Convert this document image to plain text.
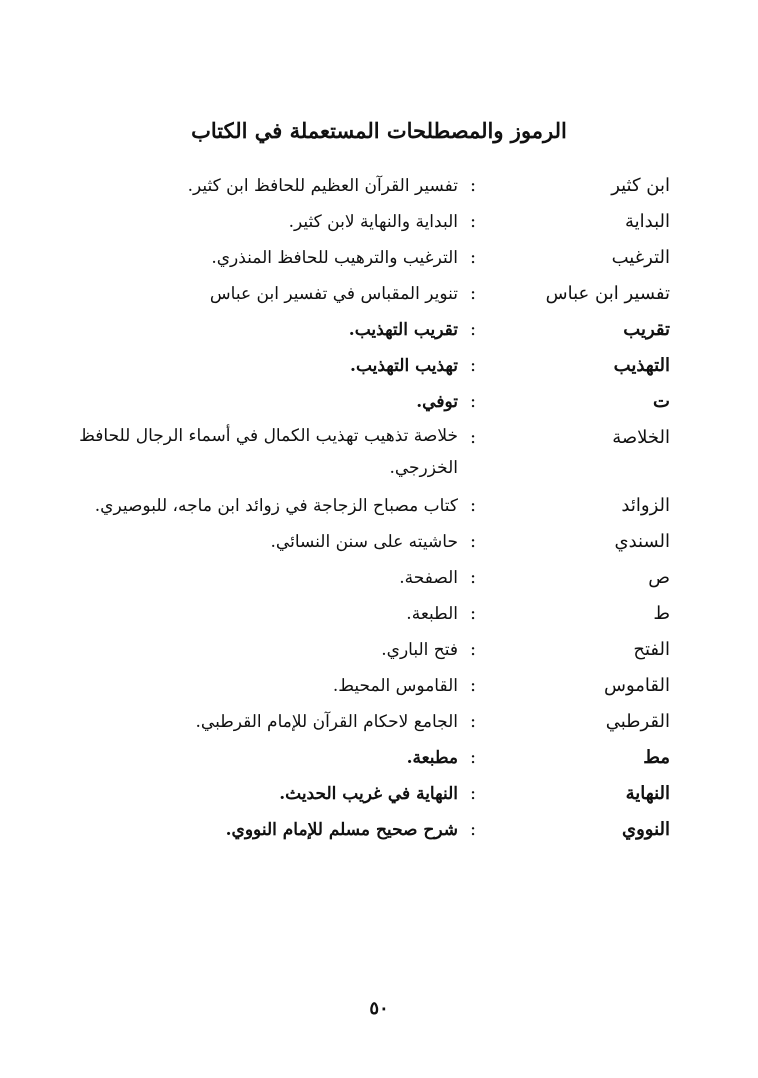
الرموز والمصطلحات المستعملة في الكتاب
ابن كثير
:
تفسير القرآن العظيم للحافظ ابن كثير.
البداية
:
البداية والنهاية لابن كثير.
الترغيب
:
الترغيب والترهيب للحافظ المنذري.
تفسير ابن عباس
:
تنوير المقباس في تفسير ابن عباس
تقريب
:
تقريب التهذيب.
التهذيب
:
تهذيب التهذيب.
ت
:
توفي.
الخلاصة
:
خلاصة تذهيب تهذيب الكمال في أسماء الرجال للحافظ الخزرجي.
الزوائد
:
كتاب مصباح الزجاجة في زوائد ابن ماجه، للبوصيري.
السندي
:
حاشيته على سنن النسائي.
ص
:
الصفحة.
ط
:
الطبعة.
الفتح
:
فتح الباري.
القاموس
:
القاموس المحيط.
القرطبي
:
الجامع لاحكام القرآن للإمام القرطبي.
مط
:
مطبعة.
النهاية
:
النهاية في غريب الحديث.
النووي
:
شرح صحيح مسلم للإمام النووي.
٥٠
